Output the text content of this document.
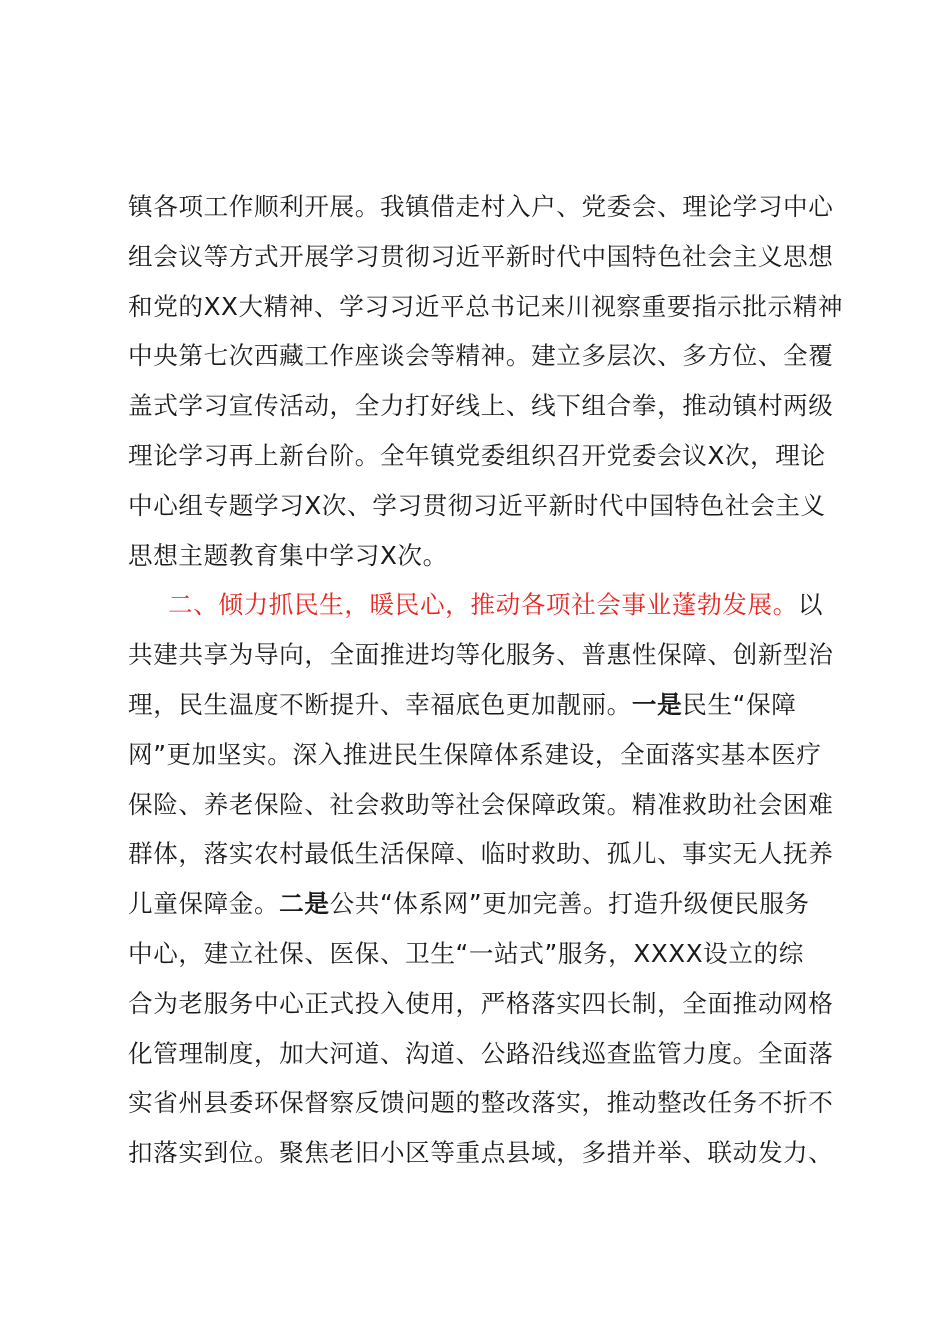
镇各项工作顺利开展。我镇借走村入户、党委会、理论学习中心
组会议等方式开展学习贯彻习近平新时代中国特色社会主义思想
和党的XX大精神、学习习近平总书记来川视察重要指示批示精神
中央第七次西藏工作座谈会等精神。建立多层次、多方位、全覆
盖式学习宣传活动，全力打好线上、线下组合拳，推动镇村两级
理论学习再上新台阶。全年镇党委组织召开党委会议X次，理论
中心组专题学习X次、学习贯彻习近平新时代中国特色社会主义
思想主题教育集中学习X次。
二、倾力抓民生，暖民心，推动各项社会事业蓬勃发展。以
共建共享为导向，全面推进均等化服务、普惠性保障、创新型治
理，民生温度不断提升、幸福底色更加靓丽。一是民生“保障
网”更加坚实。深入推进民生保障体系建设，全面落实基本医疗
保险、养老保险、社会救助等社会保障政策。精准救助社会困难
群体，落实农村最低生活保障、临时救助、孤儿、事实无人抚养
儿童保障金。二是公共“体系网”更加完善。打造升级便民服务
中心，建立社保、医保、卫生“一站式”服务，XXXX设立的综
合为老服务中心正式投入使用，严格落实四长制，全面推动网格
化管理制度，加大河道、沟道、公路沿线巡查监管力度。全面落
实省州县委环保督察反馈问题的整改落实，推动整改任务不折不
扣落实到位。聚焦老旧小区等重点县域，多措并举、联动发力、
